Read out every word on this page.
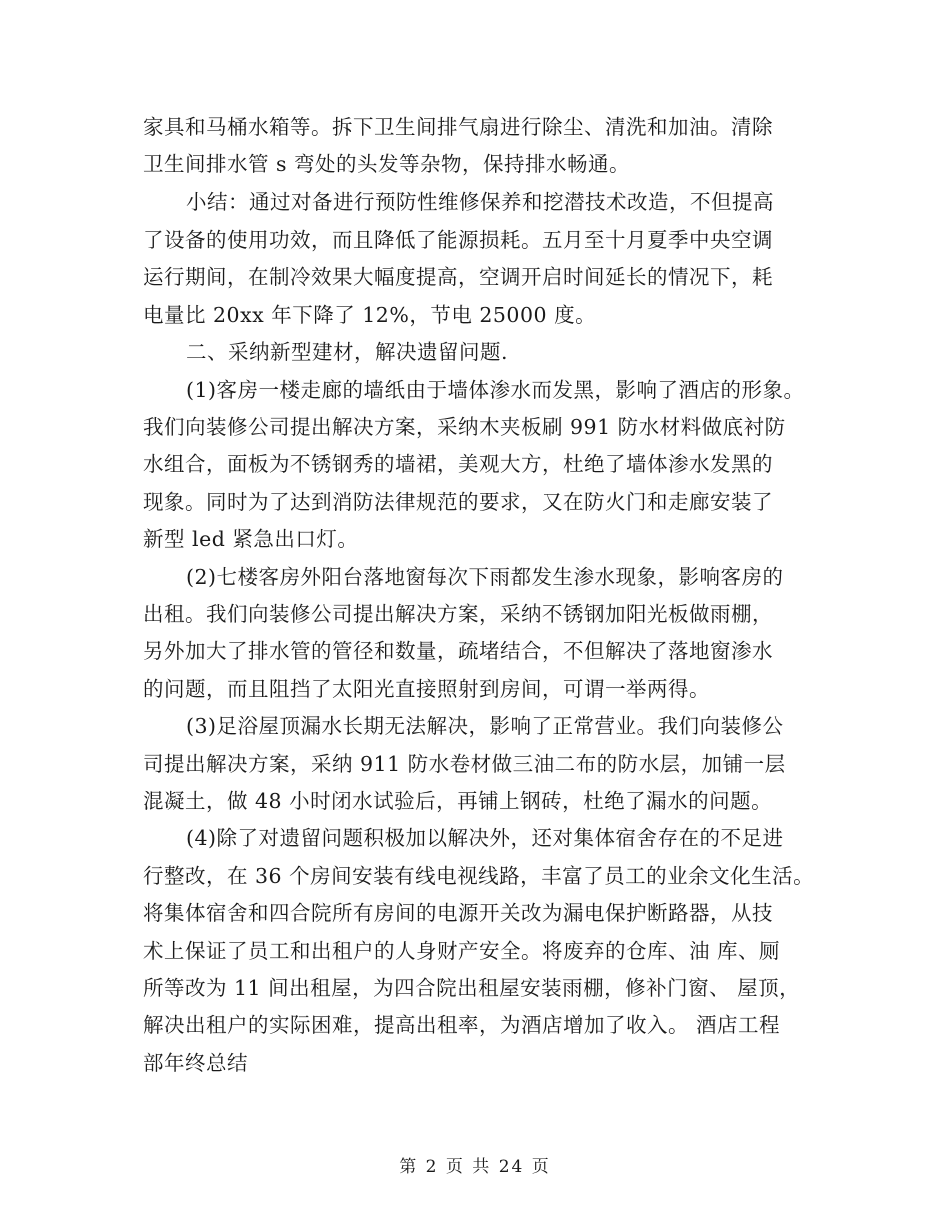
家具和马桶水箱等。拆下卫生间排气扇进行除尘、清洗和加油。清除
卫生间排水管 s 弯处的头发等杂物，保持排水畅通。
小结：通过对备进行预防性维修保养和挖潜技术改造，不但提高
了设备的使用功效，而且降低了能源损耗。五月至十月夏季中央空调
运行期间，在制冷效果大幅度提高，空调开启时间延长的情况下，耗
电量比 20xx 年下降了 12%，节电 25000 度。
二、采纳新型建材，解决遗留问题.
(1)客房一楼走廊的墙纸由于墙体渗水而发黑，影响了酒店的形象。
我们向装修公司提出解决方案，采纳木夹板刷 991 防水材料做底衬防
水组合，面板为不锈钢秀的墙裙，美观大方，杜绝了墙体渗水发黑的
现象。同时为了达到消防法律规范的要求，又在防火门和走廊安装了
新型 led 紧急出口灯。
(2)七楼客房外阳台落地窗每次下雨都发生渗水现象，影响客房的
出租。我们向装修公司提出解决方案，采纳不锈钢加阳光板做雨棚，
另外加大了排水管的管径和数量，疏堵结合，不但解决了落地窗渗水
的问题，而且阻挡了太阳光直接照射到房间，可谓一举两得。
(3)足浴屋顶漏水长期无法解决，影响了正常营业。我们向装修公
司提出解决方案，采纳 911 防水卷材做三油二布的防水层，加铺一层
混凝土，做 48 小时闭水试验后，再铺上钢砖，杜绝了漏水的问题。
(4)除了对遗留问题积极加以解决外，还对集体宿舍存在的不足进
行整改，在 36 个房间安装有线电视线路，丰富了员工的业余文化生活。
将集体宿舍和四合院所有房间的电源开关改为漏电保护断路器，从技
术上保证了员工和出租户的人身财产安全。将废弃的仓库、油 库、厕
所等改为 11 间出租屋，为四合院出租屋安装雨棚，修补门窗、 屋顶，
解决出租户的实际困难，提高出租率，为酒店增加了收入。 酒店工程
部年终总结
第 2 页 共 24 页
